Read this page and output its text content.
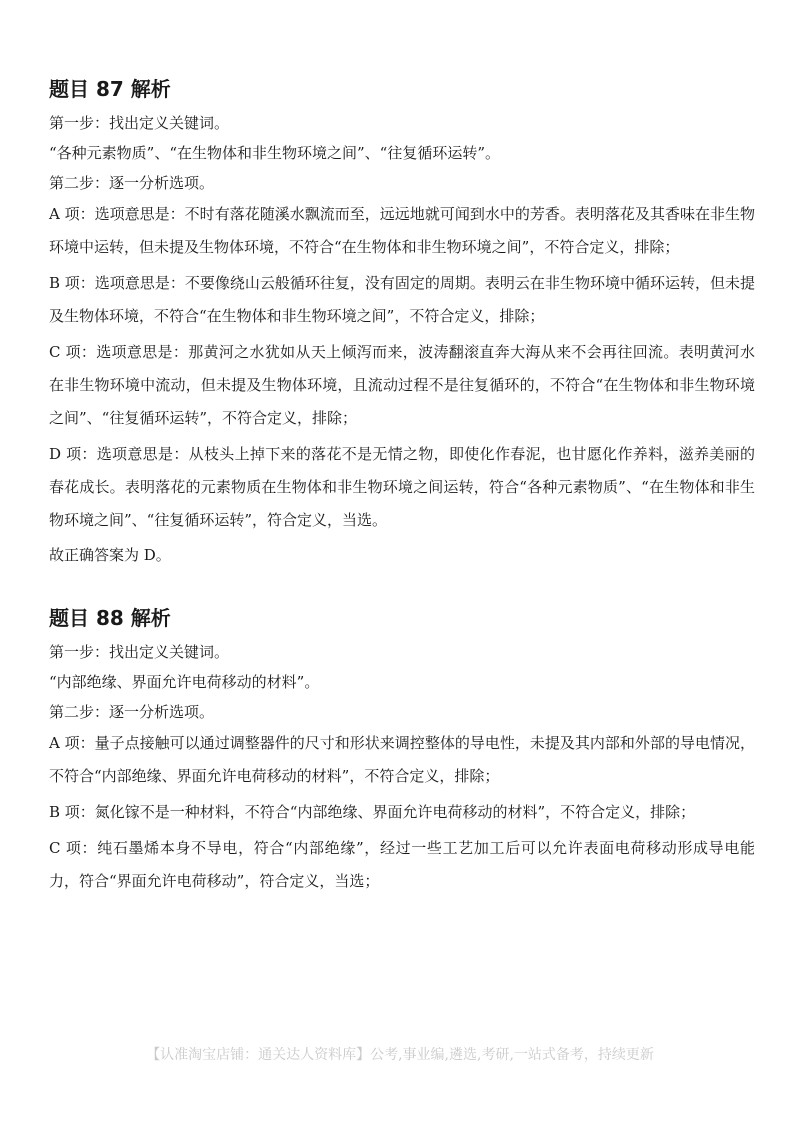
题目 87 解析

第一步：找出定义关键词。

“各种元素物质”、“在生物体和非生物环境之间”、“往复循环运转”。

第二步：逐一分析选项。

A 项：选项意思是：不时有落花随溪水飘流而至，远远地就可闻到水中的芳香。表明落花及其香味在非生物环境中运转，但未提及生物体环境，不符合“在生物体和非生物环境之间”，不符合定义，排除；

B 项：选项意思是：不要像绕山云般循环往复，没有固定的周期。表明云在非生物环境中循环运转，但未提及生物体环境，不符合“在生物体和非生物环境之间”，不符合定义，排除；

C 项：选项意思是：那黄河之水犹如从天上倾泻而来，波涛翻滚直奔大海从来不会再往回流。表明黄河水在非生物环境中流动，但未提及生物体环境，且流动过程不是往复循环的，不符合“在生物体和非生物环境之间”、“往复循环运转”，不符合定义，排除；

D 项：选项意思是：从枝头上掉下来的落花不是无情之物，即使化作春泥，也甘愿化作养料，滋养美丽的春花成长。表明落花的元素物质在生物体和非生物环境之间运转，符合“各种元素物质”、“在生物体和非生物环境之间”、“往复循环运转”，符合定义，当选。

故正确答案为 D。

题目 88 解析

第一步：找出定义关键词。

“内部绝缘、界面允许电荷移动的材料”。

第二步：逐一分析选项。

A 项：量子点接触可以通过调整器件的尺寸和形状来调控整体的导电性，未提及其内部和外部的导电情况，不符合“内部绝缘、界面允许电荷移动的材料”，不符合定义，排除；

B 项：氮化镓不是一种材料，不符合“内部绝缘、界面允许电荷移动的材料”，不符合定义，排除；

C 项：纯石墨烯本身不导电，符合“内部绝缘”，经过一些工艺加工后可以允许表面电荷移动形成导电能力，符合“界面允许电荷移动”，符合定义，当选；

【认准淘宝店铺：通关达人资料库】公考,事业编,遴选,考研,一站式备考，持续更新
